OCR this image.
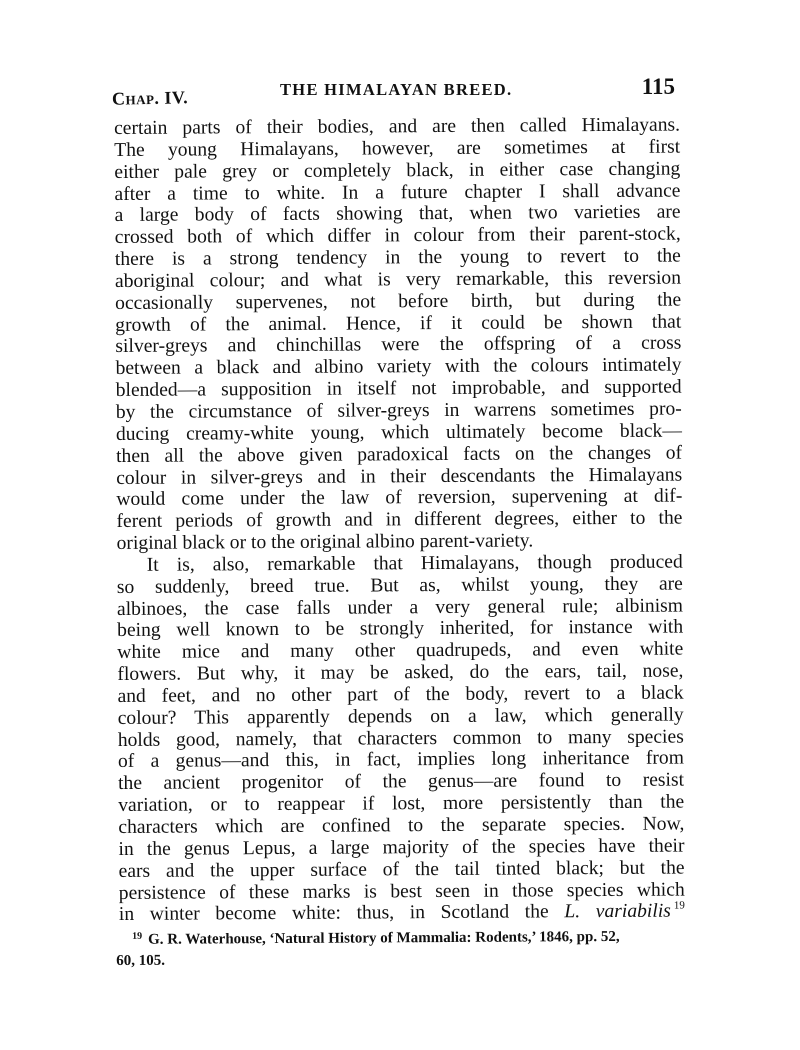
Chap. IV.	THE HIMALAYAN BREED.	115
certain parts of their bodies, and are then called Himalayans.
The young Himalayans, however, are sometimes at first
either pale grey or completely black, in either case changing
after a time to white. In a future chapter I shall advance
a large body of facts showing that, when two varieties are
crossed both of which differ in colour from their parent-stock,
there is a strong tendency in the young to revert to the
aboriginal colour; and what is very remarkable, this reversion
occasionally supervenes, not before birth, but during the
growth of the animal. Hence, if it could be shown that
silver-greys and chinchillas were the offspring of a cross
between a black and albino variety with the colours intimately
blended—a supposition in itself not improbable, and supported
by the circumstance of silver-greys in warrens sometimes pro-
ducing creamy-white young, which ultimately become black—
then all the above given paradoxical facts on the changes of
colour in silver-greys and in their descendants the Himalayans
would come under the law of reversion, supervening at dif-
ferent periods of growth and in different degrees, either to the
original black or to the original albino parent-variety.
It is, also, remarkable that Himalayans, though produced
so suddenly, breed true. But as, whilst young, they are
albinoes, the case falls under a very general rule; albinism
being well known to be strongly inherited, for instance with
white mice and many other quadrupeds, and even white
flowers. But why, it may be asked, do the ears, tail, nose,
and feet, and no other part of the body, revert to a black
colour? This apparently depends on a law, which generally
holds good, namely, that characters common to many species
of a genus—and this, in fact, implies long inheritance from
the ancient progenitor of the genus—are found to resist
variation, or to reappear if lost, more persistently than the
characters which are confined to the separate species. Now,
in the genus Lepus, a large majority of the species have their
ears and the upper surface of the tail tinted black; but the
persistence of these marks is best seen in those species which
in winter become white: thus, in Scotland the L. variabilis $^{19}$
$^{19}$ G. R. Waterhouse, ‘Natural History of Mammalia: Rodents,’ 1846, pp. 52,
60, 105.
